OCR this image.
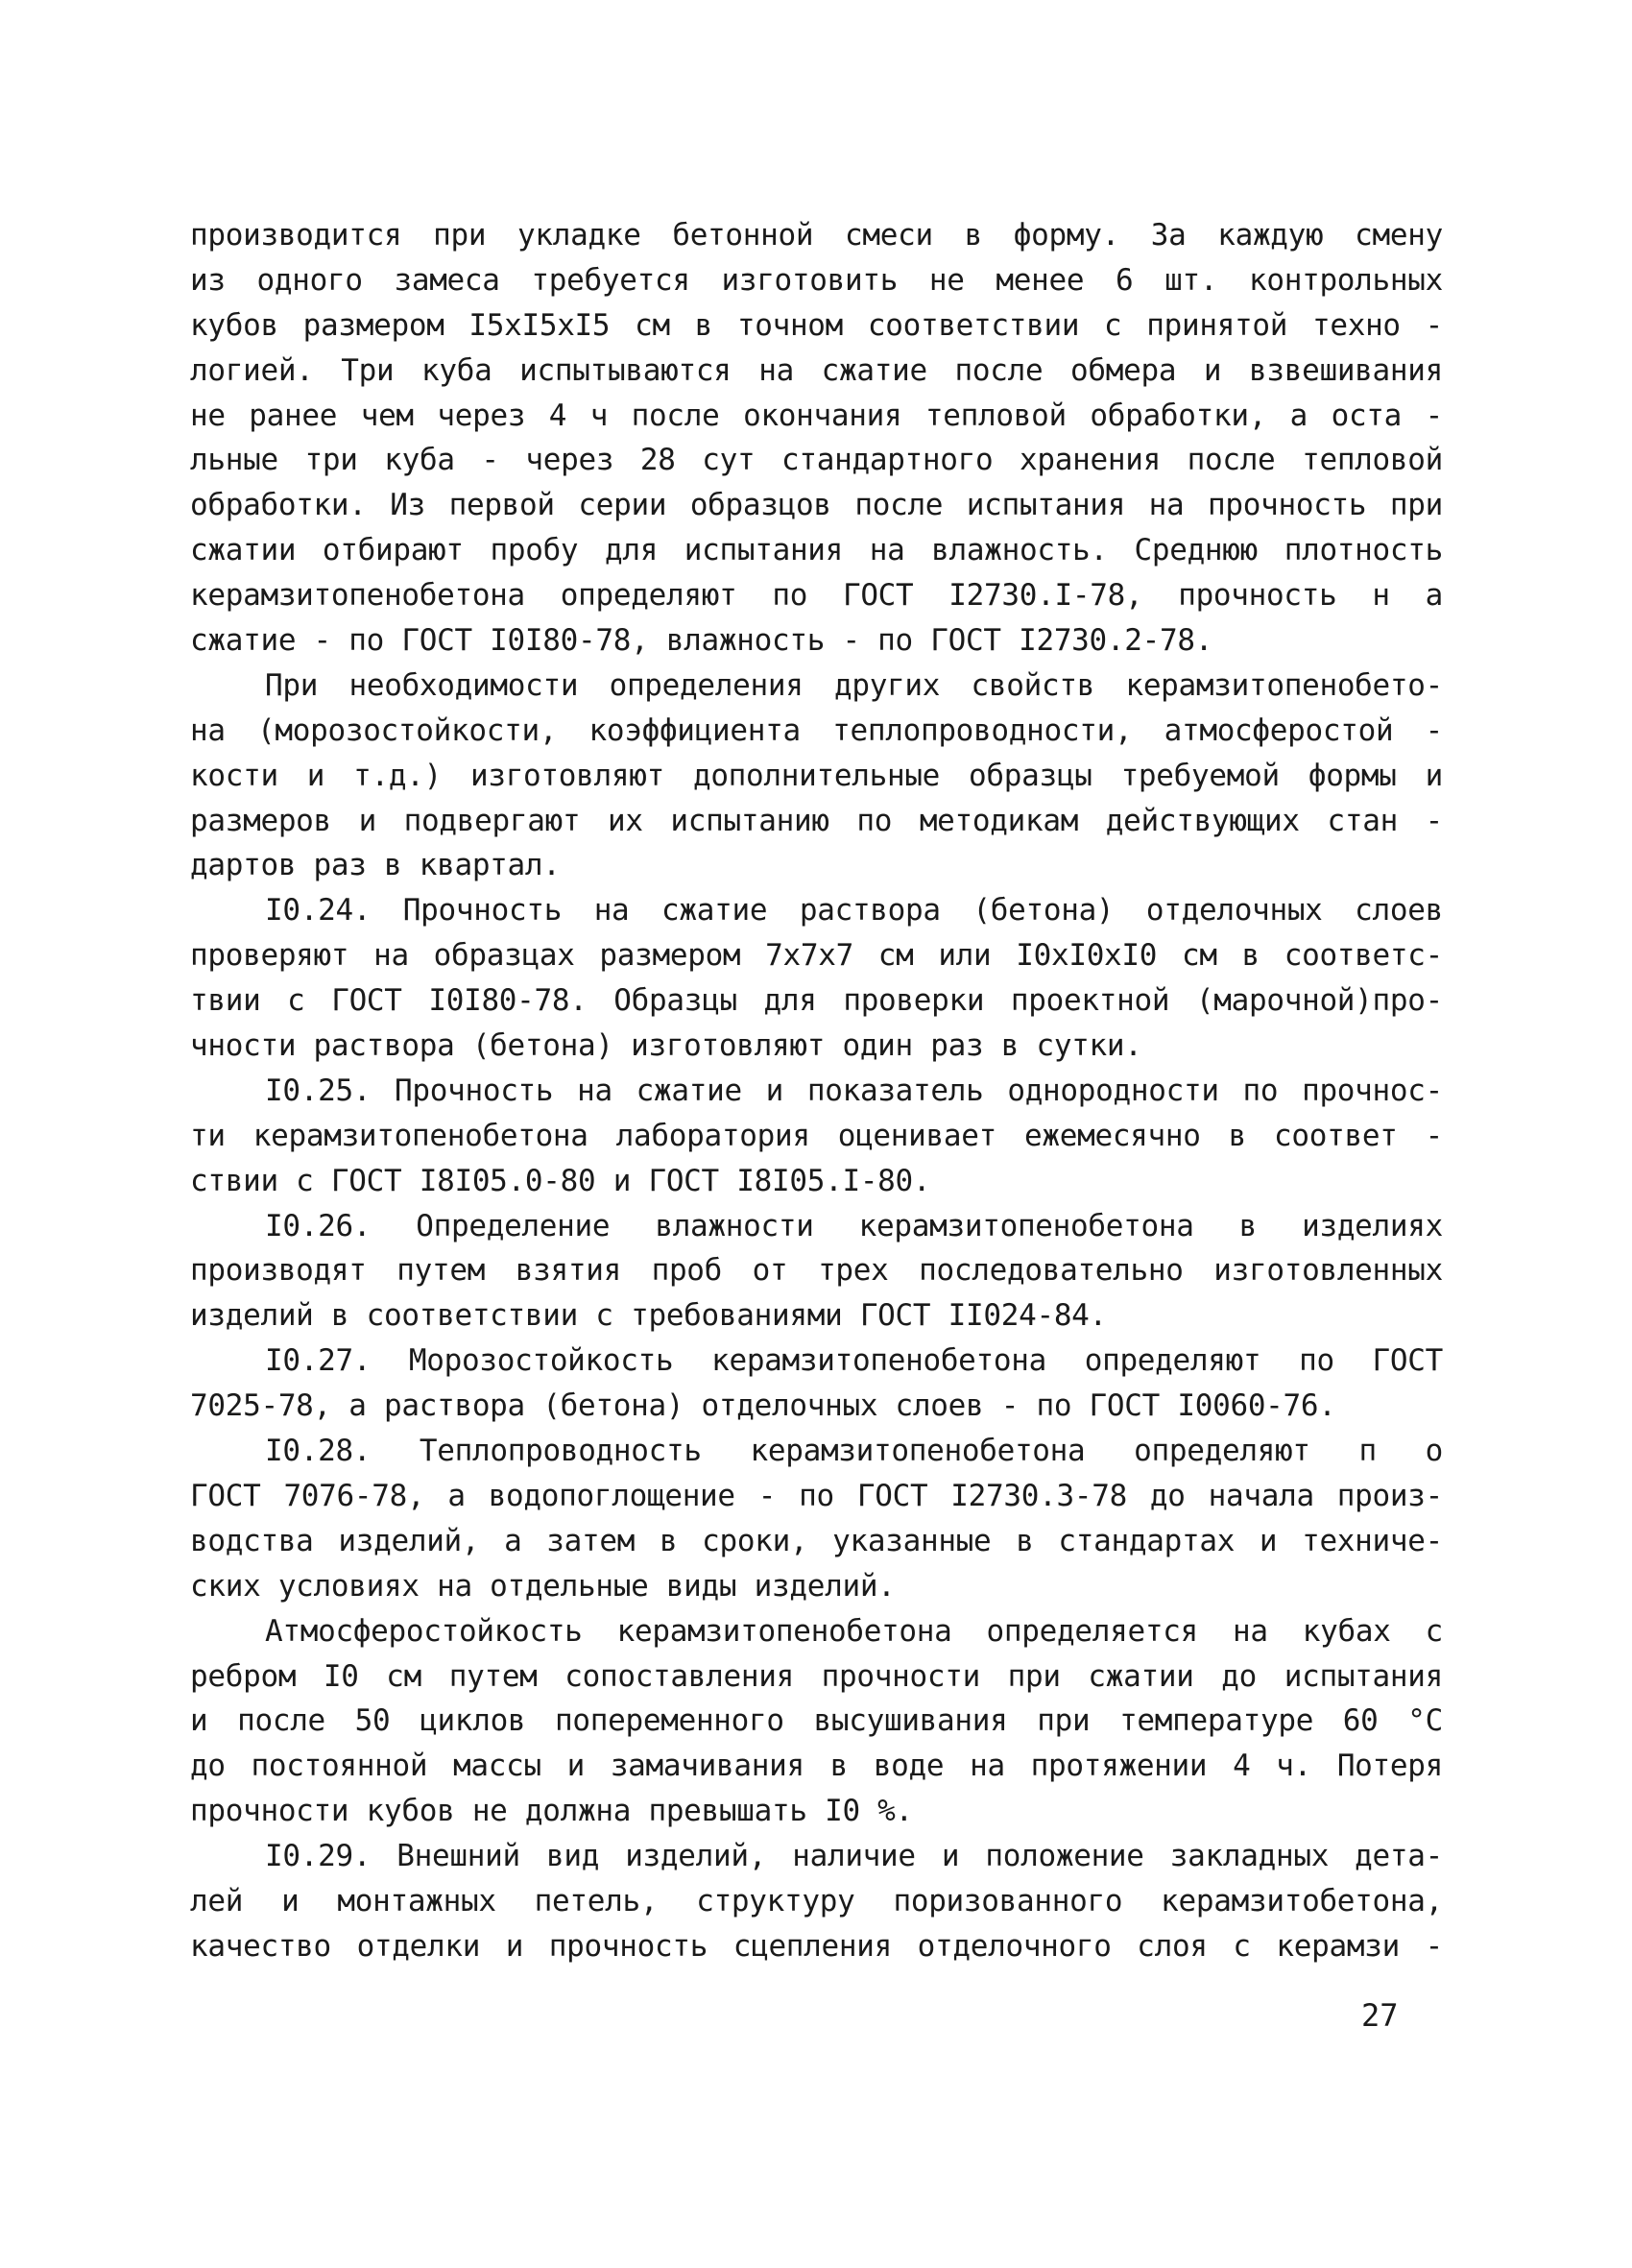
производится при укладке бетонной смеси в форму. За каждую смену
из одного замеса требуется изготовить не менее 6 шт. контрольных
кубов размером I5хI5хI5 см в точном соответствии с принятой техно -
логией. Три куба испытываются на сжатие после обмера и взвешивания
не ранее чем через 4 ч после окончания тепловой обработки, а оста -
льные три куба - через 28 сут стандартного хранения после тепловой
обработки. Из первой серии образцов после испытания на прочность при
сжатии отбирают пробу для испытания на влажность. Среднюю плотность
керамзитопенобетона определяют по ГОСТ I2730.I-78, прочность н а
сжатие - по ГОСТ I0I80-78, влажность - по ГОСТ I2730.2-78.
При необходимости определения других свойств керамзитопенобето-
на (морозостойкости, коэффициента теплопроводности, атмосферостой -
кости и т.д.) изготовляют дополнительные образцы требуемой формы и
размеров и подвергают их испытанию по методикам действующих стан -
дартов раз в квартал.
I0.24. Прочность на сжатие раствора (бетона) отделочных слоев
проверяют на образцах размером 7х7х7 см или I0хI0хI0 см в соответс-
твии с ГОСТ I0I80-78. Образцы для проверки проектной (марочной)про-
чности раствора (бетона) изготовляют один раз в сутки.
I0.25. Прочность на сжатие и показатель однородности по прочнос-
ти керамзитопенобетона лаборатория оценивает ежемесячно в соответ -
ствии с ГОСТ I8I05.0-80 и ГОСТ I8I05.I-80.
I0.26. Определение влажности керамзитопенобетона в изделиях
производят путем взятия проб от трех последовательно изготовленных
изделий в соответствии с требованиями ГОСТ II024-84.
I0.27. Морозостойкость керамзитопенобетона определяют по ГОСТ
7025-78, а раствора (бетона) отделочных слоев - по ГОСТ I0060-76.
I0.28. Теплопроводность керамзитопенобетона определяют п о
ГОСТ 7076-78, а водопоглощение - по ГОСТ I2730.3-78 до начала произ-
водства изделий, а затем в сроки, указанные в стандартах и техниче-
ских условиях на отдельные виды изделий.
Атмосферостойкость керамзитопенобетона определяется на кубах с
ребром I0 см путем сопоставления прочности при сжатии до испытания
и после 50 циклов попеременного высушивания при температуре 60 °С
до постоянной массы и замачивания в воде на протяжении 4 ч. Потеря
прочности кубов не должна превышать I0 %.
I0.29. Внешний вид изделий, наличие и положение закладных дета-
лей и монтажных петель, структуру поризованного керамзитобетона,
качество отделки и прочность сцепления отделочного слоя с керамзи -
27
